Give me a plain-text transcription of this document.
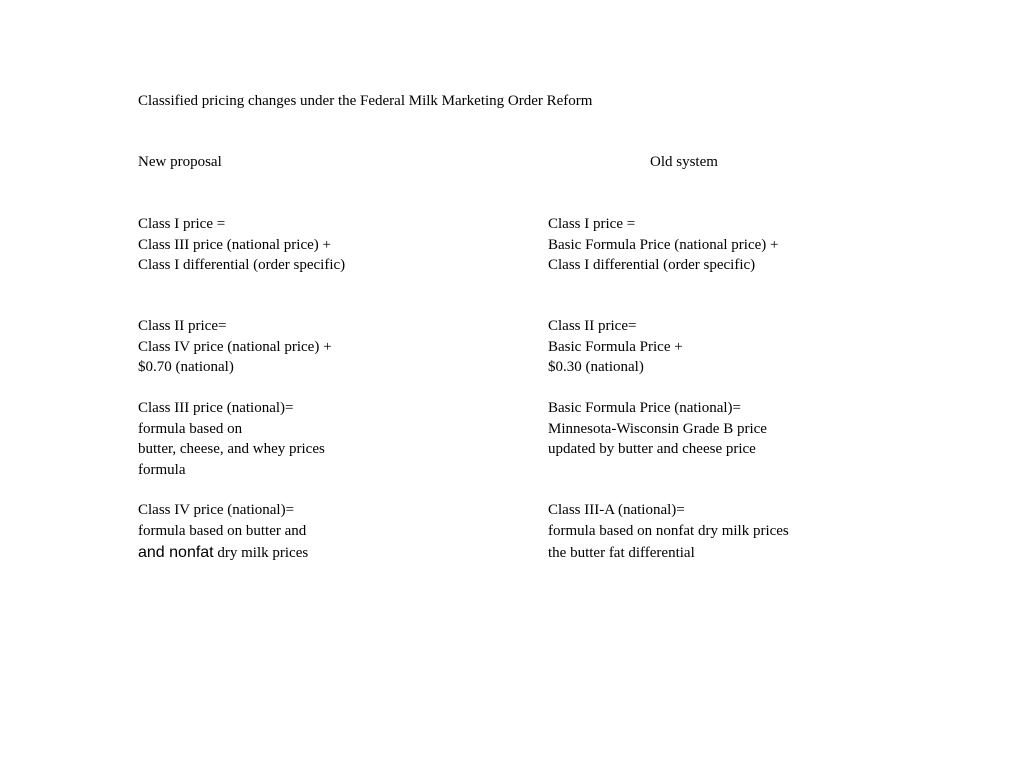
Classified pricing changes under the Federal Milk Marketing Order Reform
New proposal	Old system
Class I price =
Class III price (national price) +
Class I differential (order specific)
Class II price=
Class IV price (national price) +
$0.70 (national)
Class III price (national)=
formula based on
butter, cheese, and whey prices
formula
Class IV price (national)=
formula based on butter and
and nonfat dry milk prices
Class I price =
Basic Formula Price (national price) +
Class I differential (order specific)
Class II price=
Basic Formula Price +
$0.30 (national)
Basic Formula Price (national)=
Minnesota-Wisconsin Grade B price
updated by butter and cheese price
Class III-A (national)=
formula based on nonfat dry milk prices
the butter fat differential
